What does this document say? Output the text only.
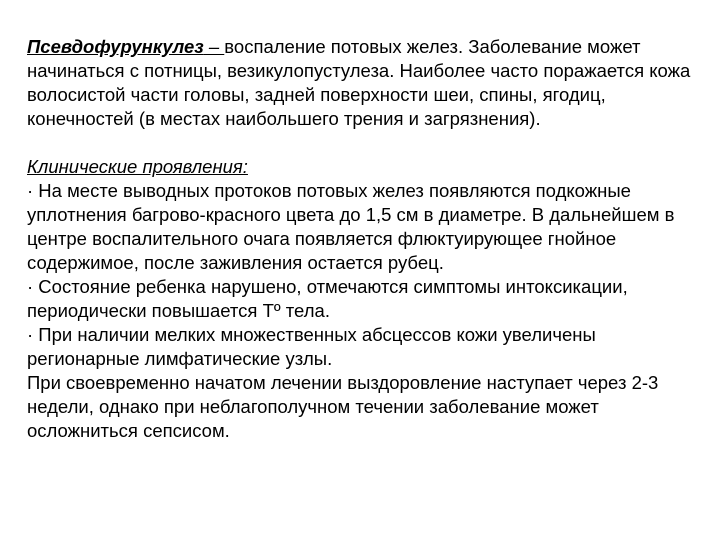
Псевдофурункулез – воспаление потовых желез. Заболевание может начинаться с потницы, везикулопустулеза. Наиболее часто поражается кожа волосистой части головы, задней поверхности шеи, спины, ягодиц, конечностей (в местах наибольшего трения и загрязнения).

Клинические проявления:

· На месте выводных протоков потовых желез появляются подкожные уплотнения багрово-красного цвета до 1,5 см в диаметре. В дальнейшем в центре воспалительного очага появляется флюктуирующее гнойное содержимое, после заживления остается рубец.

· Состояние ребенка нарушено, отмечаются симптомы интоксикации, периодически повышается Tº тела.

· При наличии мелких множественных абсцессов кожи увеличены регионарные лимфатические узлы.

При своевременно начатом лечении выздоровление наступает через 2-3 недели, однако при неблагополучном течении заболевание может осложниться сепсисом.
